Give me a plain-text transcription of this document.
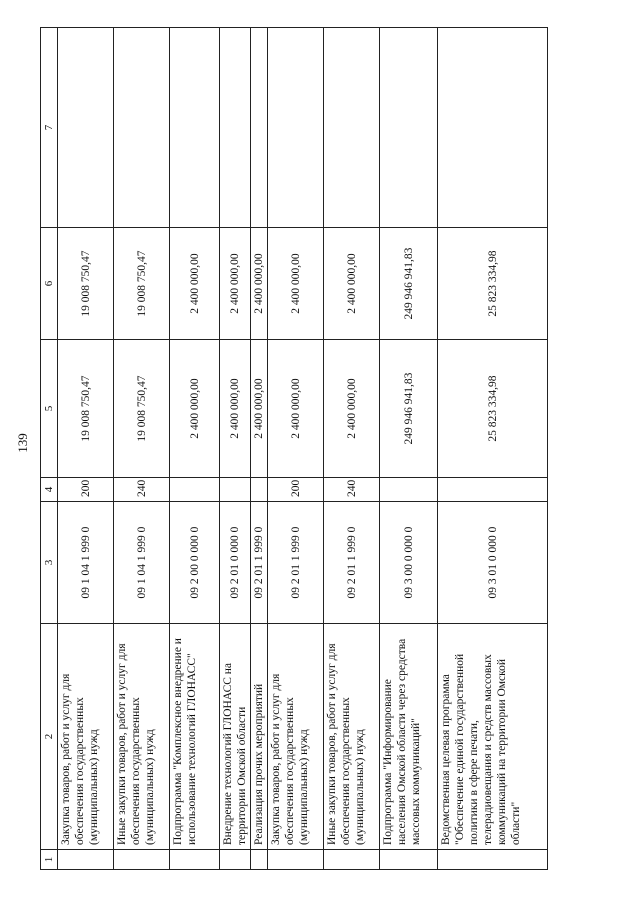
139
1	2	3	4	5	6	7
	Закупка товаров, работ и услуг для обеспечения государственных (муниципальных) нужд	09 1 04 1 999 0	200	19 008 750,47	19 008 750,47	
	Иные закупки товаров, работ и услуг для обеспечения государственных (муниципальных) нужд	09 1 04 1 999 0	240	19 008 750,47	19 008 750,47	
	Подпрограмма "Комплексное внедрение и использование технологий ГЛОНАСС"	09 2 00 0 000 0		2 400 000,00	2 400 000,00	
	Внедрение технологий ГЛОНАСС на территории Омской области	09 2 01 0 000 0		2 400 000,00	2 400 000,00	
	Реализация прочих мероприятий	09 2 01 1 999 0		2 400 000,00	2 400 000,00	
	Закупка товаров, работ и услуг для обеспечения государственных (муниципальных) нужд	09 2 01 1 999 0	200	2 400 000,00	2 400 000,00	
	Иные закупки товаров, работ и услуг для обеспечения государственных (муниципальных) нужд	09 2 01 1 999 0	240	2 400 000,00	2 400 000,00	
	Подпрограмма "Информирование населения Омской области через средства массовых коммуникаций"	09 3 00 0 000 0		249 946 941,83	249 946 941,83	
	Ведомственная целевая программа "Обеспечение единой государственной политики в сфере печати, телерадиовещания и средств массовых коммуникаций на территории Омской области"	09 3 01 0 000 0		25 823 334,98	25 823 334,98	
